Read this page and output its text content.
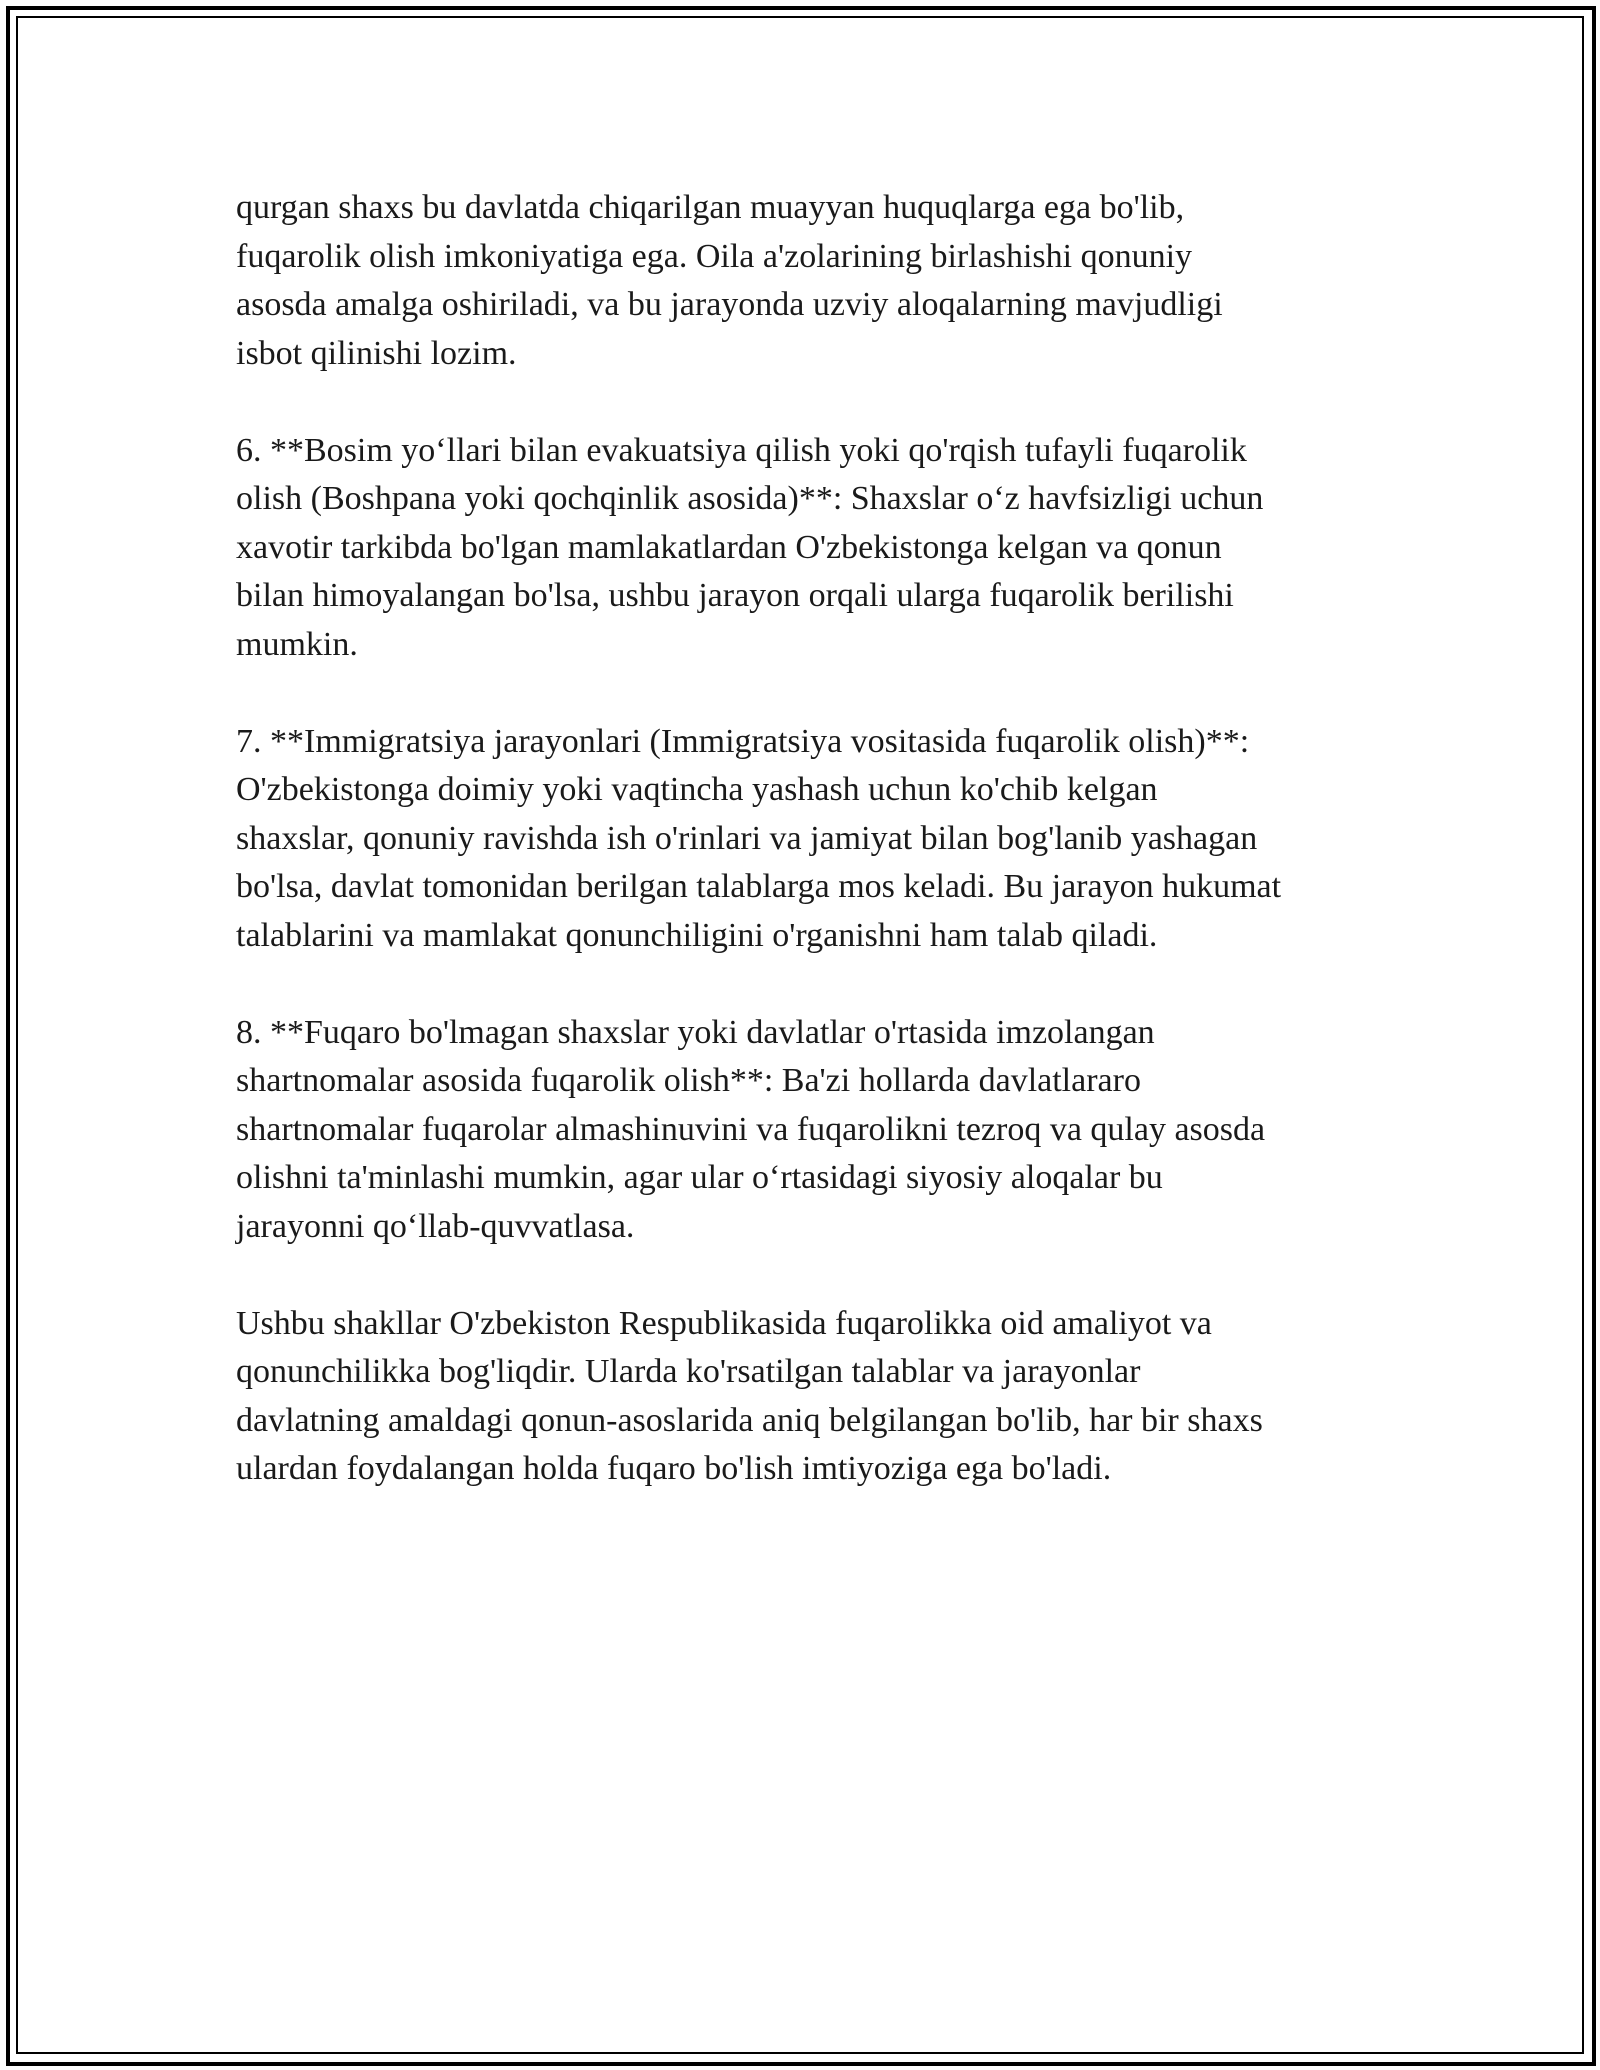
qurgan shaxs bu davlatda chiqarilgan muayyan huquqlarga ega bo'lib,
fuqarolik olish imkoniyatiga ega. Oila a'zolarining birlashishi qonuniy
asosda amalga oshiriladi, va bu jarayonda uzviy aloqalarning mavjudligi
isbot qilinishi lozim.

6. **Bosim yo‘llari bilan evakuatsiya qilish yoki qo'rqish tufayli fuqarolik
olish (Boshpana yoki qochqinlik asosida)**: Shaxslar o‘z havfsizligi uchun
xavotir tarkibda bo'lgan mamlakatlardan O'zbekistonga kelgan va qonun
bilan himoyalangan bo'lsa, ushbu jarayon orqali ularga fuqarolik berilishi
mumkin.

7. **Immigratsiya jarayonlari (Immigratsiya vositasida fuqarolik olish)**:
O'zbekistonga doimiy yoki vaqtincha yashash uchun ko'chib kelgan
shaxslar, qonuniy ravishda ish o'rinlari va jamiyat bilan bog'lanib yashagan
bo'lsa, davlat tomonidan berilgan talablarga mos keladi. Bu jarayon hukumat
talablarini va mamlakat qonunchiligini o'rganishni ham talab qiladi.

8. **Fuqaro bo'lmagan shaxslar yoki davlatlar o'rtasida imzolangan
shartnomalar asosida fuqarolik olish**: Ba'zi hollarda davlatlararo
shartnomalar fuqarolar almashinuvini va fuqarolikni tezroq va qulay asosda
olishni ta'minlashi mumkin, agar ular o‘rtasidagi siyosiy aloqalar bu
jarayonni qo‘llab-quvvatlasa.

Ushbu shakllar O'zbekiston Respublikasida fuqarolikka oid amaliyot va
qonunchilikka bog'liqdir. Ularda ko'rsatilgan talablar va jarayonlar
davlatning amaldagi qonun-asoslarida aniq belgilangan bo'lib, har bir shaxs
ulardan foydalangan holda fuqaro bo'lish imtiyoziga ega bo'ladi.
